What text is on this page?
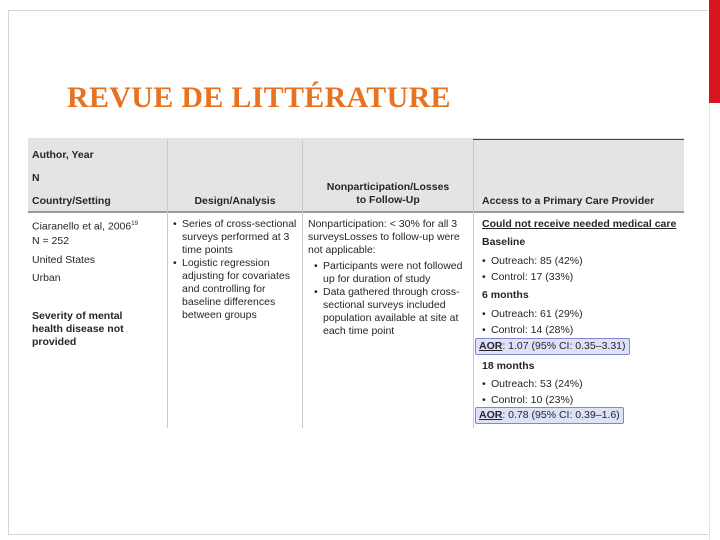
REVUE DE LITTÉRATURE
Author, Year
N
Country/Setting	Design/Analysis
Nonparticipation/Losses
to Follow-Up	Access to a Primary Care Provider
Ciaranello et al, 2006$^{19}$
N = 252
United States
Urban
Severity of mental
health disease not
provided
• Series of cross-sectional
surveys performed at 3
time points
• Logistic regression
adjusting for covariates
and controlling for
baseline differences
between groups
Nonparticipation: < 30% for all 3
surveysLosses to follow-up were
not applicable:
• Participants were not followed
up for duration of study
• Data gathered through cross-
sectional surveys included
population available at site at
each time point
Could not receive needed medical care
Baseline
• Outreach: 85 (42%)
• Control: 17 (33%)
6 months
• Outreach: 61 (29%)
• Control: 14 (28%)
AOR: 1.07 (95% CI: 0.35–3.31)
18 months
• Outreach: 53 (24%)
• Control: 10 (23%)
AOR: 0.78 (95% CI: 0.39–1.6)
